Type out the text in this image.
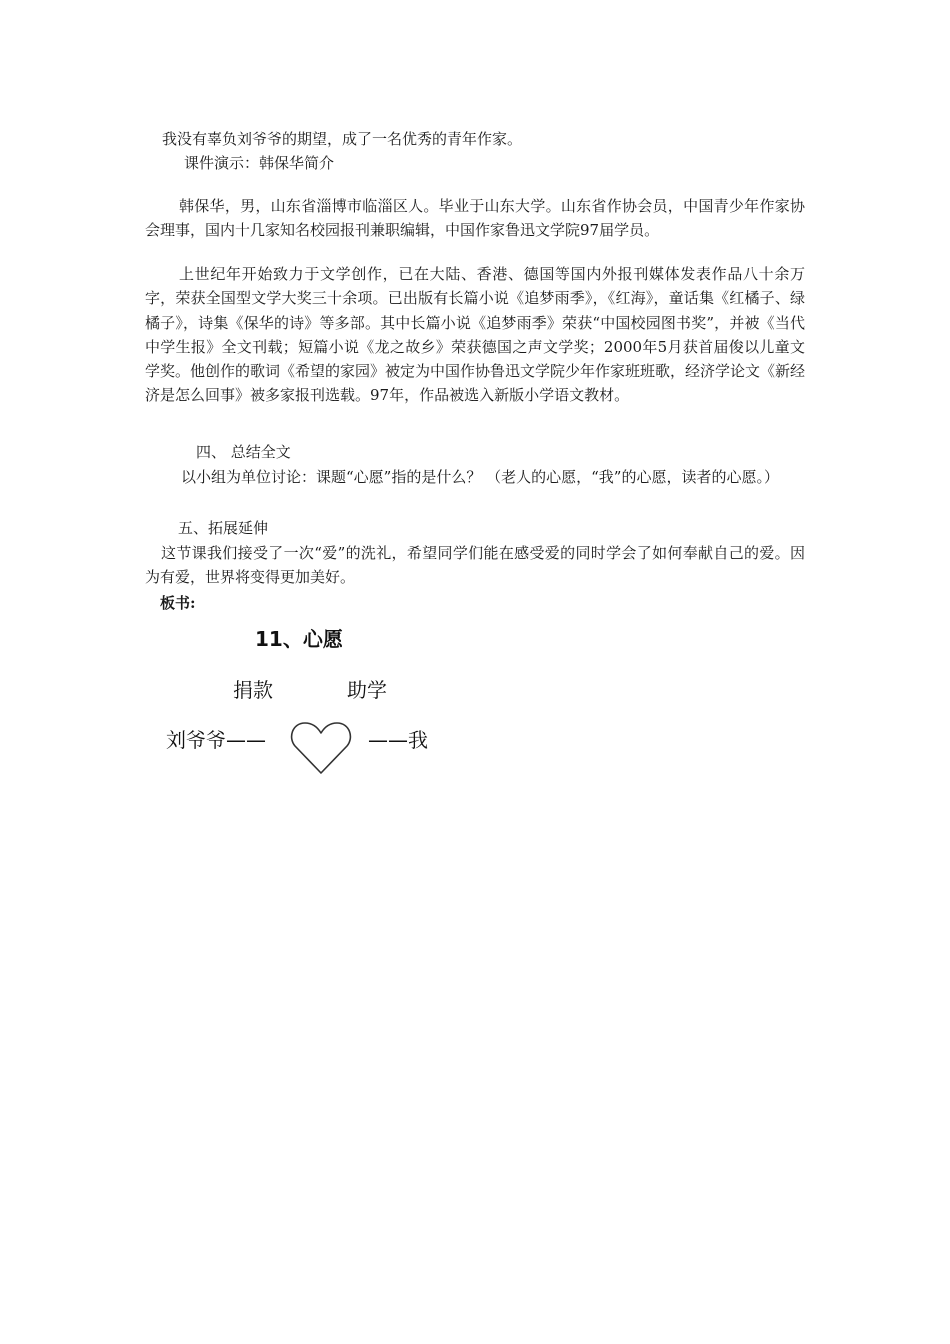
我没有辜负刘爷爷的期望，成了一名优秀的青年作家。
课件演示：韩保华简介
韩保华，男，山东省淄博市临淄区人。毕业于山东大学。山东省作协会员，中国青少年作家协会理事，国内十几家知名校园报刊兼职编辑，中国作家鲁迅文学院97届学员。
上世纪年开始致力于文学创作，已在大陆、香港、德国等国内外报刊媒体发表作品八十余万字，荣获全国型文学大奖三十余项。已出版有长篇小说《追梦雨季》，《红海》，童话集《红橘子、绿橘子》，诗集《保华的诗》等多部。其中长篇小说《追梦雨季》荣获“中国校园图书奖”，并被《当代中学生报》全文刊载；短篇小说《龙之故乡》荣获德国之声文学奖；2000年5月获首届俊以儿童文学奖。他创作的歌词《希望的家园》被定为中国作协鲁迅文学院少年作家班班歌，经济学论文《新经济是怎么回事》被多家报刊选载。97年，作品被选入新版小学语文教材。
四、 总结全文
以小组为单位讨论：课题“心愿”指的是什么？ （老人的心愿，“我”的心愿，读者的心愿。）
五、拓展延伸
这节课我们接受了一次“爱”的洗礼，希望同学们能在感受爱的同时学会了如何奉献自己的爱。因为有爱，世界将变得更加美好。
板书:
11、心愿
捐款	助学
刘爷爷——	——我
